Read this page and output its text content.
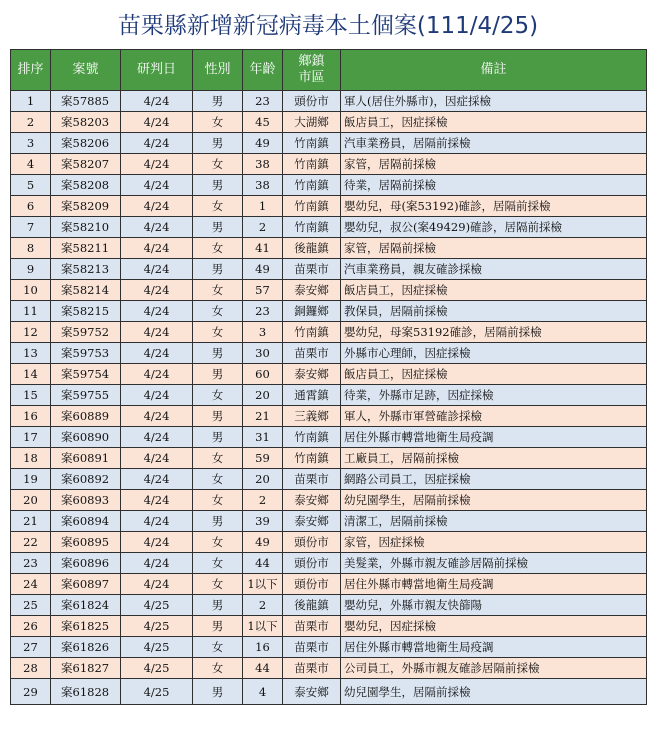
苗栗縣新增新冠病毒本土個案(111/4/25)
排序	案號	研判日	性別	年齡	鄉鎮市區	備註
1	案57885	4/24	男	23	頭份市	軍人(居住外縣市)，因症採檢
2	案58203	4/24	女	45	大湖鄉	飯店員工，因症採檢
3	案58206	4/24	男	49	竹南鎮	汽車業務員，居隔前採檢
4	案58207	4/24	女	38	竹南鎮	家管，居隔前採檢
5	案58208	4/24	男	38	竹南鎮	待業，居隔前採檢
6	案58209	4/24	女	1	竹南鎮	嬰幼兒，母(案53192)確診，居隔前採檢
7	案58210	4/24	男	2	竹南鎮	嬰幼兒，叔公(案49429)確診，居隔前採檢
8	案58211	4/24	女	41	後龍鎮	家管，居隔前採檢
9	案58213	4/24	男	49	苗栗市	汽車業務員，親友確診採檢
10	案58214	4/24	女	57	泰安鄉	飯店員工，因症採檢
11	案58215	4/24	女	23	銅鑼鄉	教保員，居隔前採檢
12	案59752	4/24	女	3	竹南鎮	嬰幼兒，母案53192確診，居隔前採檢
13	案59753	4/24	男	30	苗栗市	外縣市心理師，因症採檢
14	案59754	4/24	男	60	泰安鄉	飯店員工，因症採檢
15	案59755	4/24	女	20	通霄鎮	待業，外縣市足跡，因症採檢
16	案60889	4/24	男	21	三義鄉	軍人，外縣市軍營確診採檢
17	案60890	4/24	男	31	竹南鎮	居住外縣市轉當地衛生局疫調
18	案60891	4/24	女	59	竹南鎮	工廠員工，居隔前採檢
19	案60892	4/24	女	20	苗栗市	網路公司員工，因症採檢
20	案60893	4/24	女	2	泰安鄉	幼兒園學生，居隔前採檢
21	案60894	4/24	男	39	泰安鄉	清潔工，居隔前採檢
22	案60895	4/24	女	49	頭份市	家管，因症採檢
23	案60896	4/24	女	44	頭份市	美髮業，外縣市親友確診居隔前採檢
24	案60897	4/24	女	1以下	頭份市	居住外縣市轉當地衛生局疫調
25	案61824	4/25	男	2	後龍鎮	嬰幼兒，外縣市親友快篩陽
26	案61825	4/25	男	1以下	苗栗市	嬰幼兒，因症採檢
27	案61826	4/25	女	16	苗栗市	居住外縣市轉當地衛生局疫調
28	案61827	4/25	女	44	苗栗市	公司員工，外縣市親友確診居隔前採檢
29	案61828	4/25	男	4	泰安鄉	幼兒園學生，居隔前採檢
